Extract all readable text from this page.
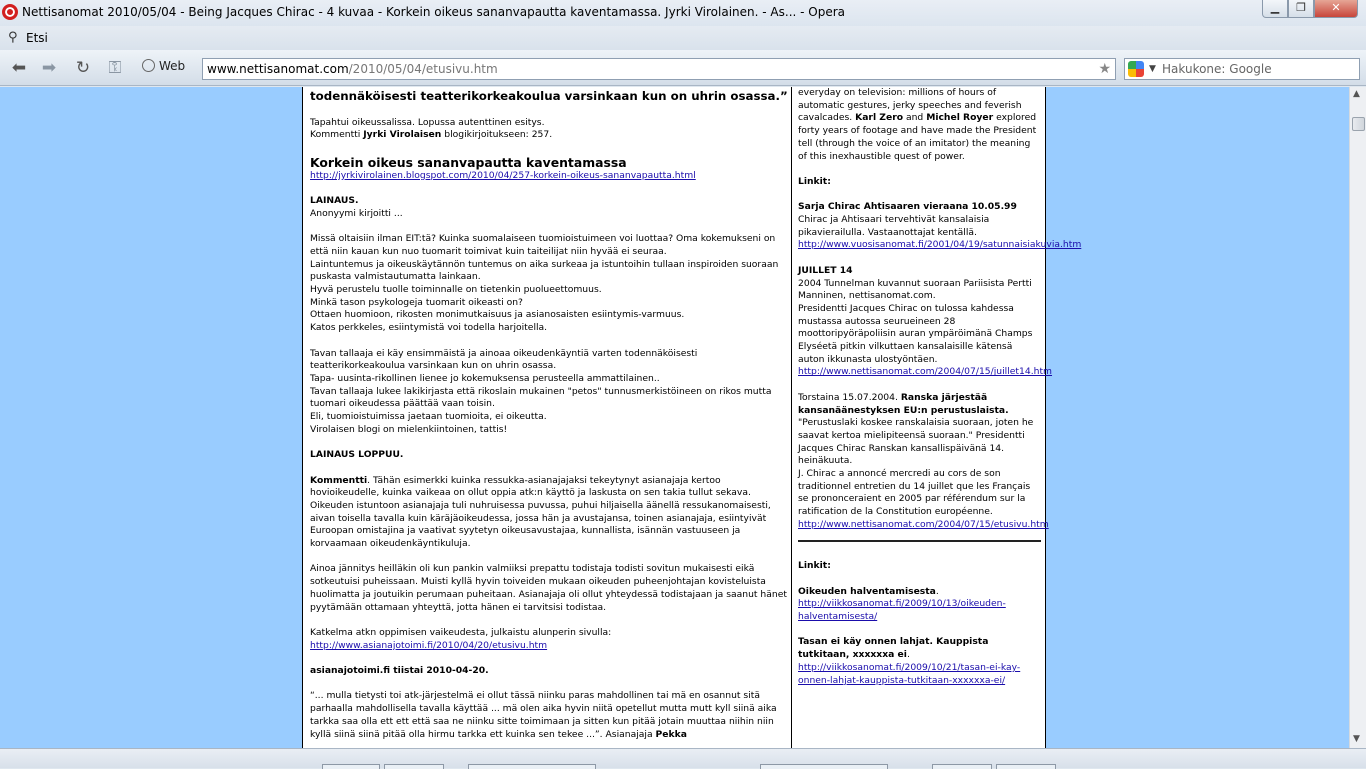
Nettisanomat 2010/05/04 - Being Jacques Chirac - 4 kuvaa - Korkein oikeus sananvapautta kaventamassa. Jyrki Virolainen. - As... - Opera	▁	❐	✕
⚲ Etsi
⬅ ➡ ↻ ⚿	Web	www.nettisanomat.com/2010/05/04/etusivu.htm	★	▼ Hakukone: Google

todennäköisesti teatterikorkeakoulua varsinkaan kun on uhrin osassa.”

Tapahtui oikeussalissa. Lopussa autenttinen esitys.

Kommentti Jyrki Virolaisen blogikirjoitukseen: 257.

Korkein oikeus sananvapautta kaventamassa

http://jyrkivirolainen.blogspot.com/2010/04/257-korkein-oikeus-sananvapautta.html

LAINAUS.

Anonyymi kirjoitti ...

Missä oltaisiin ilman EIT:tä? Kuinka suomalaiseen tuomioistuimeen voi luottaa? Oma kokemukseni on että niin kauan kun nuo tuomarit toimivat kuin taiteilijat niin hyvää ei seuraa.

Laintuntemus ja oikeuskäytännön tuntemus on aika surkeaa ja istuntoihin tullaan inspiroiden suoraan puskasta valmistautumatta lainkaan.

Hyvä perustelu tuolle toiminnalle on tietenkin puolueettomuus.

Minkä tason psykologeja tuomarit oikeasti on?

Ottaen huomioon, rikosten monimutkaisuus ja asianosaisten esiintymis-varmuus.

Katos perkkeles, esiintymistä voi todella harjoitella.

Tavan tallaaja ei käy ensimmäistä ja ainoaa oikeudenkäyntiä varten todennäköisesti teatterikorkeakoulua varsinkaan kun on uhrin osassa.

Tapa- uusinta-rikollinen lienee jo kokemuksensa perusteella ammattilainen..

Tavan tallaaja lukee lakikirjasta että rikoslain mukainen "petos" tunnusmerkistöineen on rikos mutta tuomari oikeudessa päättää vaan toisin.

Eli, tuomioistuimissa jaetaan tuomioita, ei oikeutta.

Virolaisen blogi on mielenkiintoinen, tattis!

LAINAUS LOPPUU.

Kommentti. Tähän esimerkki kuinka ressukka-asianajajaksi tekeytynyt asianajaja kertoo hovioikeudelle, kuinka vaikeaa on ollut oppia atk:n käyttö ja laskusta on sen takia tullut sekava.

Oikeuden istuntoon asianajaja tuli nuhruisessa puvussa, puhui hiljaisella äänellä ressukanomaisesti, aivan toisella tavalla kuin käräjäoikeudessa, jossa hän ja avustajansa, toinen asianajaja, esiintyivät Euroopan omistajina ja vaativat syytetyn oikeusavustajaa, kunnallista, isännän vastuuseen ja korvaamaan oikeudenkäyntikuluja.

Ainoa jännitys heilläkin oli kun pankin valmiiksi prepattu todistaja todisti sovitun mukaisesti eikä sotkeutuisi puheissaan. Muisti kyllä hyvin toiveiden mukaan oikeuden puheenjohtajan kovisteluista huolimatta ja joutuikin perumaan puheitaan. Asianajaja oli ollut yhteydessä todistajaan ja saanut hänet pyytämään ottamaan yhteyttä, jotta hänen ei tarvitsisi todistaa.

Katkelma atkn oppimisen vaikeudesta, julkaistu alunperin sivulla:

http://www.asianajotoimi.fi/2010/04/20/etusivu.htm

asianajotoimi.fi tiistai 2010-04-20.

“... mulla tietysti toi atk-järjestelmä ei ollut tässä niinku paras mahdollinen tai mä en osannut sitä parhaalla mahdollisella tavalla käyttää ... mä olen aika hyvin niitä opetellut mutta mutt kyll siinä aika tarkka saa olla ett ett että saa ne niinku sitte toimimaan ja sitten kun pitää jotain muuttaa niihin niin kyllä siinä siinä pitää olla hirmu tarkka ett kuinka sen tekee ...”. Asianajaja Pekka

everyday on television: millions of hours of automatic gestures, jerky speeches and feverish cavalcades. Karl Zero and Michel Royer explored forty years of footage and have made the President tell (through the voice of an imitator) the meaning of this inexhaustible quest of power.

Linkit:

Sarja Chirac Ahtisaaren vieraana 10.05.99

Chirac ja Ahtisaari tervehtivät kansalaisia pikavierailulla. Vastaanottajat kentällä.

http://www.vuosisanomat.fi/2001/04/19/satunnaisiakuvia.htm

JUILLET 14

2004 Tunnelman kuvannut suoraan Pariisista Pertti Manninen, nettisanomat.com.

Presidentti Jacques Chirac on tulossa kahdessa mustassa autossa seurueineen 28 moottoripyöräpoliisin auran ympäröimänä Champs Elyséetä pitkin vilkuttaen kansalaisille kätensä auton ikkunasta ulostyöntäen.

http://www.nettisanomat.com/2004/07/15/juillet14.htm

Torstaina 15.07.2004. Ranska järjestää kansanäänestyksen EU:n perustuslaista.

"Perustuslaki koskee ranskalaisia suoraan, joten he saavat kertoa mielipiteensä suoraan." Presidentti Jacques Chirac Ranskan kansallispäivänä 14. heinäkuuta.

J. Chirac a annoncé mercredi au cors de son traditionnel entretien du 14 juillet que les Français se prononceraient en 2005 par référendum sur la ratification de la Constitution européenne.

http://www.nettisanomat.com/2004/07/15/etusivu.htm

Linkit:

Oikeuden halventamisesta. http://viikkosanomat.fi/2009/10/13/oikeuden-halventamisesta/

Tasan ei käy onnen lahjat. Kauppista tutkitaan, xxxxxxa ei.

http://viikkosanomat.fi/2009/10/21/tasan-ei-kay-onnen-lahjat-kauppista-tutkitaan-xxxxxxa-ei/

▲
▼
